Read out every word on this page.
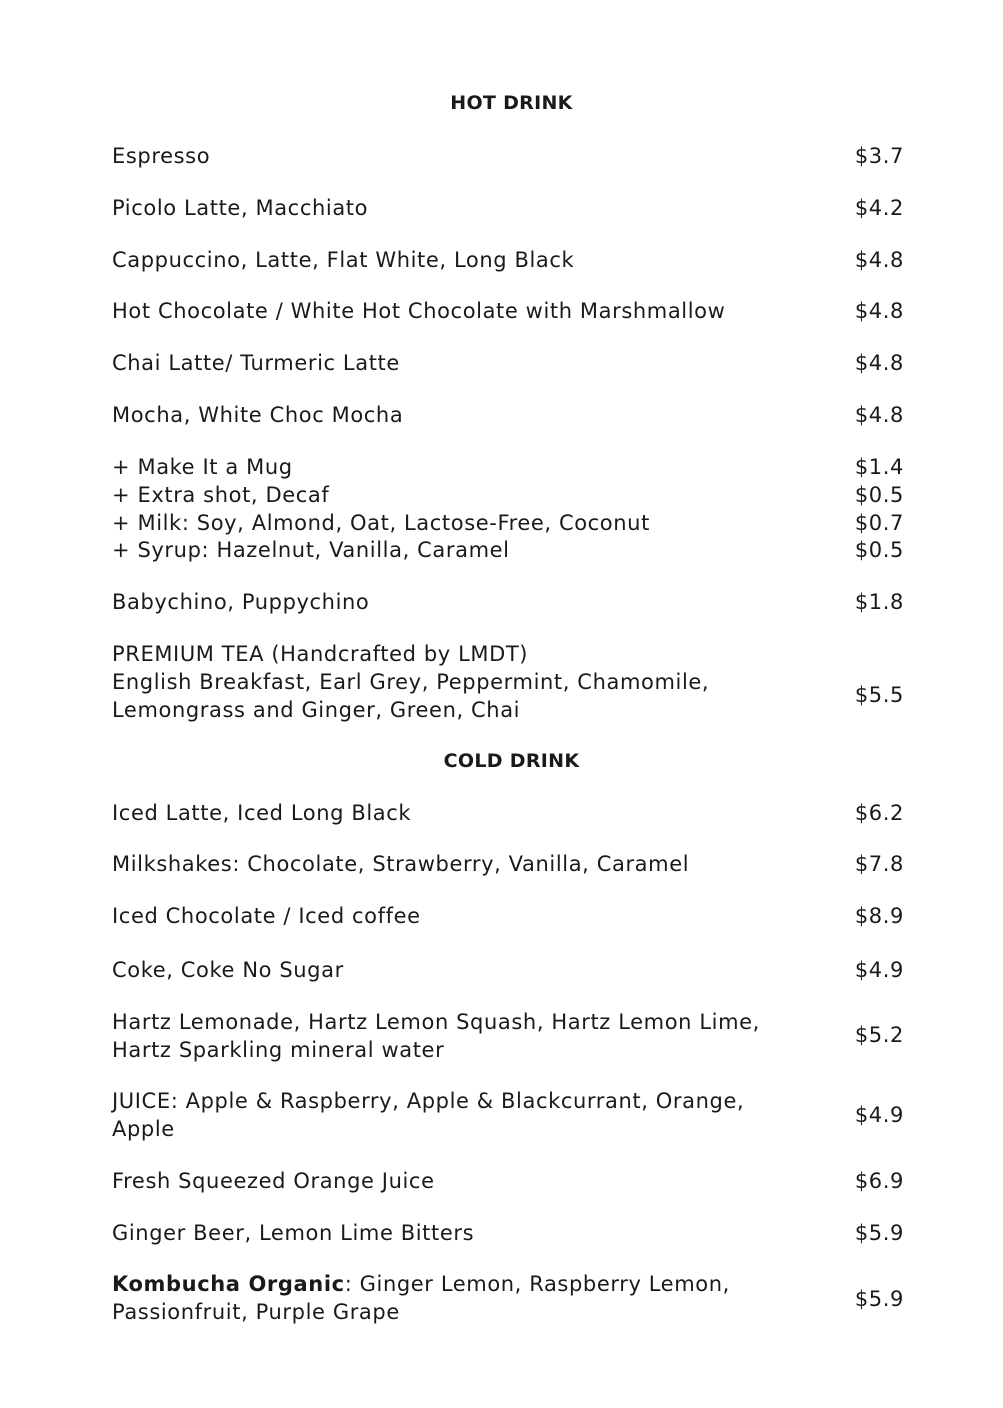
HOT DRINK
Espresso	$3.7
Picolo Latte, Macchiato	$4.2
Cappuccino, Latte, Flat White, Long Black	$4.8
Hot Chocolate / White Hot Chocolate with Marshmallow	$4.8
Chai Latte/ Turmeric Latte	$4.8
Mocha, White Choc Mocha	$4.8
+ Make It a Mug	$1.4
+ Extra shot, Decaf	$0.5
+ Milk: Soy, Almond, Oat, Lactose-Free, Coconut	$0.7
+ Syrup: Hazelnut, Vanilla, Caramel	$0.5
Babychino, Puppychino	$1.8
PREMIUM TEA (Handcrafted by LMDT)
English Breakfast, Earl Grey, Peppermint, Chamomile,
Lemongrass and Ginger, Green, Chai
$5.5
COLD DRINK
Iced Latte, Iced Long Black	$6.2
Milkshakes: Chocolate, Strawberry, Vanilla, Caramel	$7.8
Iced Chocolate / Iced coffee	$8.9
Coke, Coke No Sugar	$4.9
Hartz Lemonade, Hartz Lemon Squash, Hartz Lemon Lime,
Hartz Sparkling mineral water
$5.2
JUICE: Apple & Raspberry, Apple & Blackcurrant, Orange,
Apple
$4.9
Fresh Squeezed Orange Juice	$6.9
Ginger Beer, Lemon Lime Bitters	$5.9
Kombucha Organic: Ginger Lemon, Raspberry Lemon,
Passionfruit, Purple Grape
$5.9
